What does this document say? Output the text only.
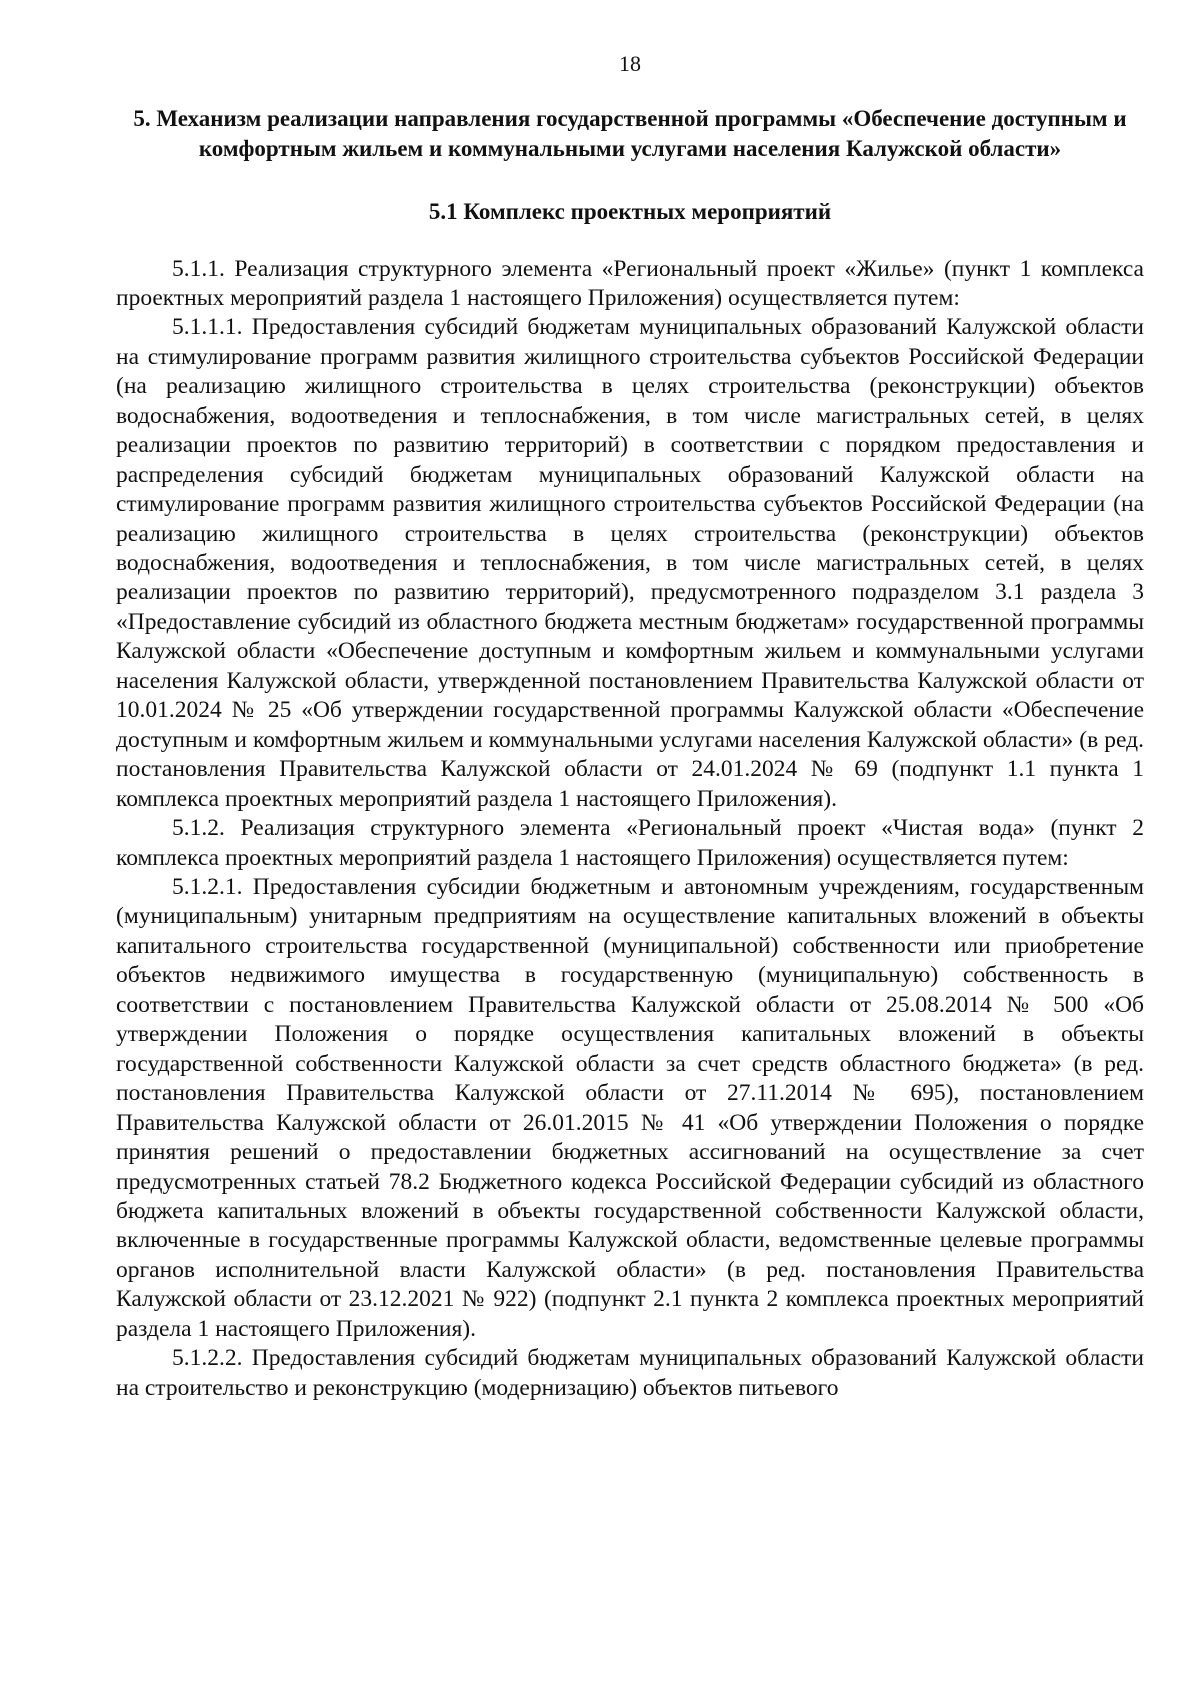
18

5. Механизм реализации направления государственной программы «Обеспечение доступным и комфортным жильем и коммунальными услугами населения Калужской области»
5.1 Комплекс проектных мероприятий

5.1.1. Реализация структурного элемента «Региональный проект «Жилье» (пункт 1 комплекса проектных мероприятий раздела 1 настоящего Приложения) осуществляется путем:

5.1.1.1. Предоставления субсидий бюджетам муниципальных образований Калужской области на стимулирование программ развития жилищного строительства субъектов Российской Федерации (на реализацию жилищного строительства в целях строительства (реконструкции) объектов водоснабжения, водоотведения и теплоснабжения, в том числе магистральных сетей, в целях реализации проектов по развитию территорий) в соответствии с порядком предоставления и распределения субсидий бюджетам муниципальных образований Калужской области на стимулирование программ развития жилищного строительства субъектов Российской Федерации (на реализацию жилищного строительства в целях строительства (реконструкции) объектов водоснабжения, водоотведения и теплоснабжения, в том числе магистральных сетей, в целях реализации проектов по развитию территорий), предусмотренного подразделом 3.1 раздела 3 «Предоставление субсидий из областного бюджета местным бюджетам» государственной программы Калужской области «Обеспечение доступным и комфортным жильем и коммунальными услугами населения Калужской области, утвержденной постановлением Правительства Калужской области от 10.01.2024 № 25 «Об утверждении государственной программы Калужской области «Обеспечение доступным и комфортным жильем и коммунальными услугами населения Калужской области» (в ред. постановления Правительства Калужской области от 24.01.2024 № 69 (подпункт 1.1 пункта 1 комплекса проектных мероприятий раздела 1 настоящего Приложения).

5.1.2. Реализация структурного элемента «Региональный проект «Чистая вода» (пункт 2 комплекса проектных мероприятий раздела 1 настоящего Приложения) осуществляется путем:

5.1.2.1. Предоставления субсидии бюджетным и автономным учреждениям, государственным (муниципальным) унитарным предприятиям на осуществление капитальных вложений в объекты капитального строительства государственной (муниципальной) собственности или приобретение объектов недвижимого имущества в государственную (муниципальную) собственность в соответствии с постановлением Правительства Калужской области от 25.08.2014 № 500 «Об утверждении Положения о порядке осуществления капитальных вложений в объекты государственной собственности Калужской области за счет средств областного бюджета» (в ред. постановления Правительства Калужской области от 27.11.2014 № 695), постановлением Правительства Калужской области от 26.01.2015 № 41 «Об утверждении Положения о порядке принятия решений о предоставлении бюджетных ассигнований на осуществление за счет предусмотренных статьей 78.2 Бюджетного кодекса Российской Федерации субсидий из областного бюджета капитальных вложений в объекты государственной собственности Калужской области, включенные в государственные программы Калужской области, ведомственные целевые программы органов исполнительной власти Калужской области» (в ред. постановления Правительства Калужской области от 23.12.2021 № 922) (подпункт 2.1 пункта 2 комплекса проектных мероприятий раздела 1 настоящего Приложения).

5.1.2.2. Предоставления субсидий бюджетам муниципальных образований Калужской области на строительство и реконструкцию (модернизацию) объектов питьевого
